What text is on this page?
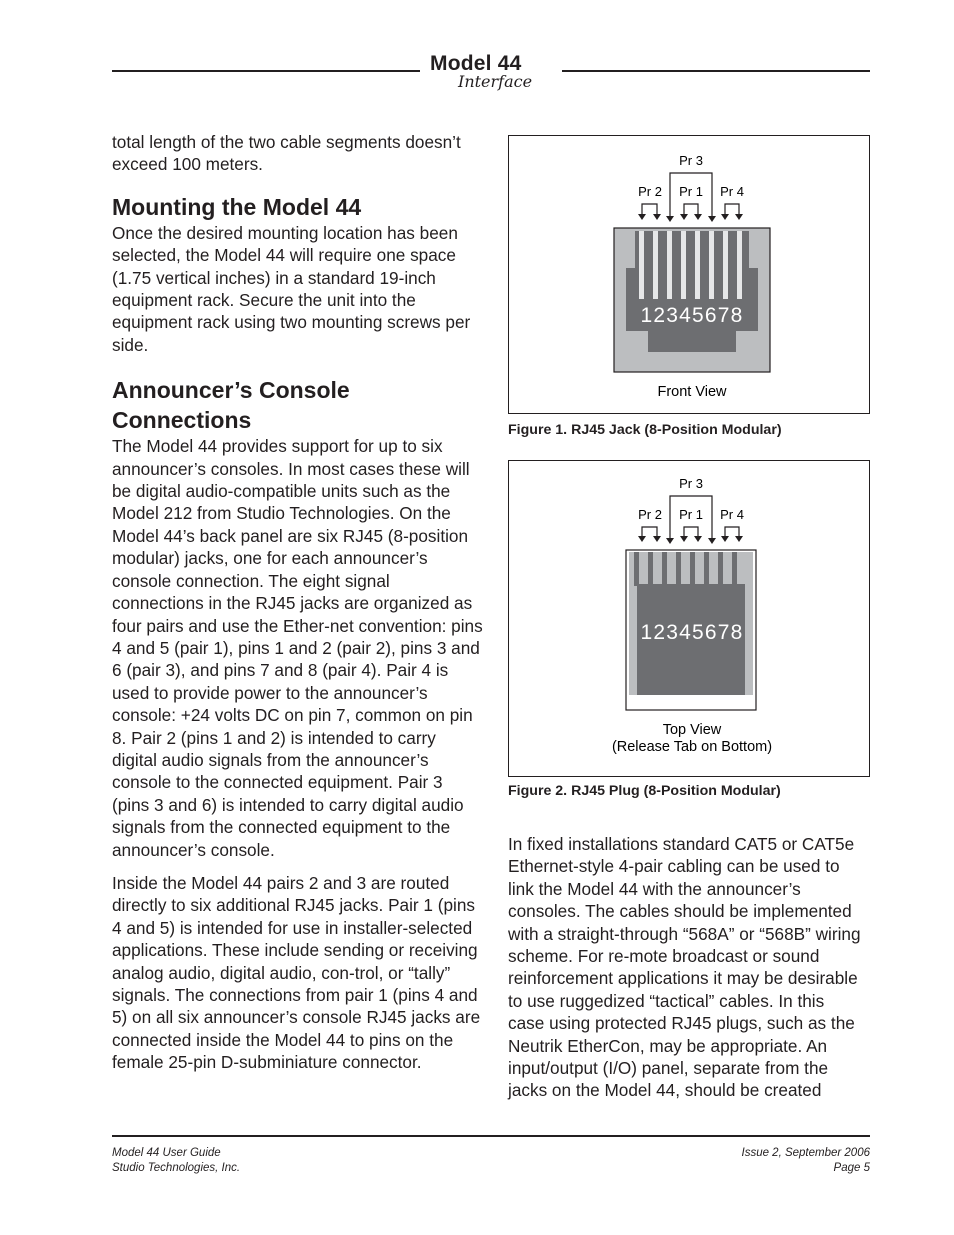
Model 44
Interface

total length of the two cable segments doesn’t exceed 100 meters.

Mounting the Model 44

Once the desired mounting location has been selected, the Model 44 will require one space (1.75 vertical inches) in a standard 19-inch equipment rack. Secure the unit into the equipment rack using two mounting screws per side.

Announcer’s Console
Connections

The Model 44 provides support for up to six announcer’s consoles. In most cases these will be digital audio-compatible units such as the Model 212 from Studio Technologies. On the Model 44’s back panel are six RJ45 (8-position modular) jacks, one for each announcer’s console connection. The eight signal connections in the RJ45 jacks are organized as four pairs and use the Ether-net convention: pins 4 and 5 (pair 1), pins 1 and 2 (pair 2), pins 3 and 6 (pair 3), and pins 7 and 8 (pair 4). Pair 4 is used to provide power to the announcer’s console: +24 volts DC on pin 7, common on pin 8. Pair 2 (pins 1 and 2) is intended to carry digital audio signals from the announcer’s console to the connected equipment. Pair 3 (pins 3 and 6) is intended to carry digital audio signals from the connected equipment to the announcer’s console.

Inside the Model 44 pairs 2 and 3 are routed directly to six additional RJ45 jacks. Pair 1 (pins 4 and 5) is intended for use in installer-selected applications. These include sending or receiving analog audio, digital audio, con-trol, or “tally” signals. The connections from pair 1 (pins 4 and 5) on all six announcer’s console RJ45 jacks are connected inside the Model 44 to pins on the female 25-pin D-subminiature connector.

Pr 3
Pr 2 Pr 1 Pr 4
12345678
Front View
Figure 1. RJ45 Jack (8-Position Modular)
Pr 3
Pr 2 Pr 1 Pr 4
12345678
Top View
(Release Tab on Bottom)
Figure 2. RJ45 Plug (8-Position Modular)

In fixed installations standard CAT5 or CAT5e Ethernet-style 4-pair cabling can be used to link the Model 44 with the announcer’s consoles. The cables should be implemented with a straight-through “568A” or “568B” wiring scheme. For re-mote broadcast or sound reinforcement applications it may be desirable to use ruggedized “tactical” cables. In this case using protected RJ45 plugs, such as the Neutrik EtherCon, may be appropriate. An input/output (I/O) panel, separate from the jacks on the Model 44, should be created

Model 44 User Guide
Studio Technologies, Inc.
Issue 2, September 2006
Page 5
